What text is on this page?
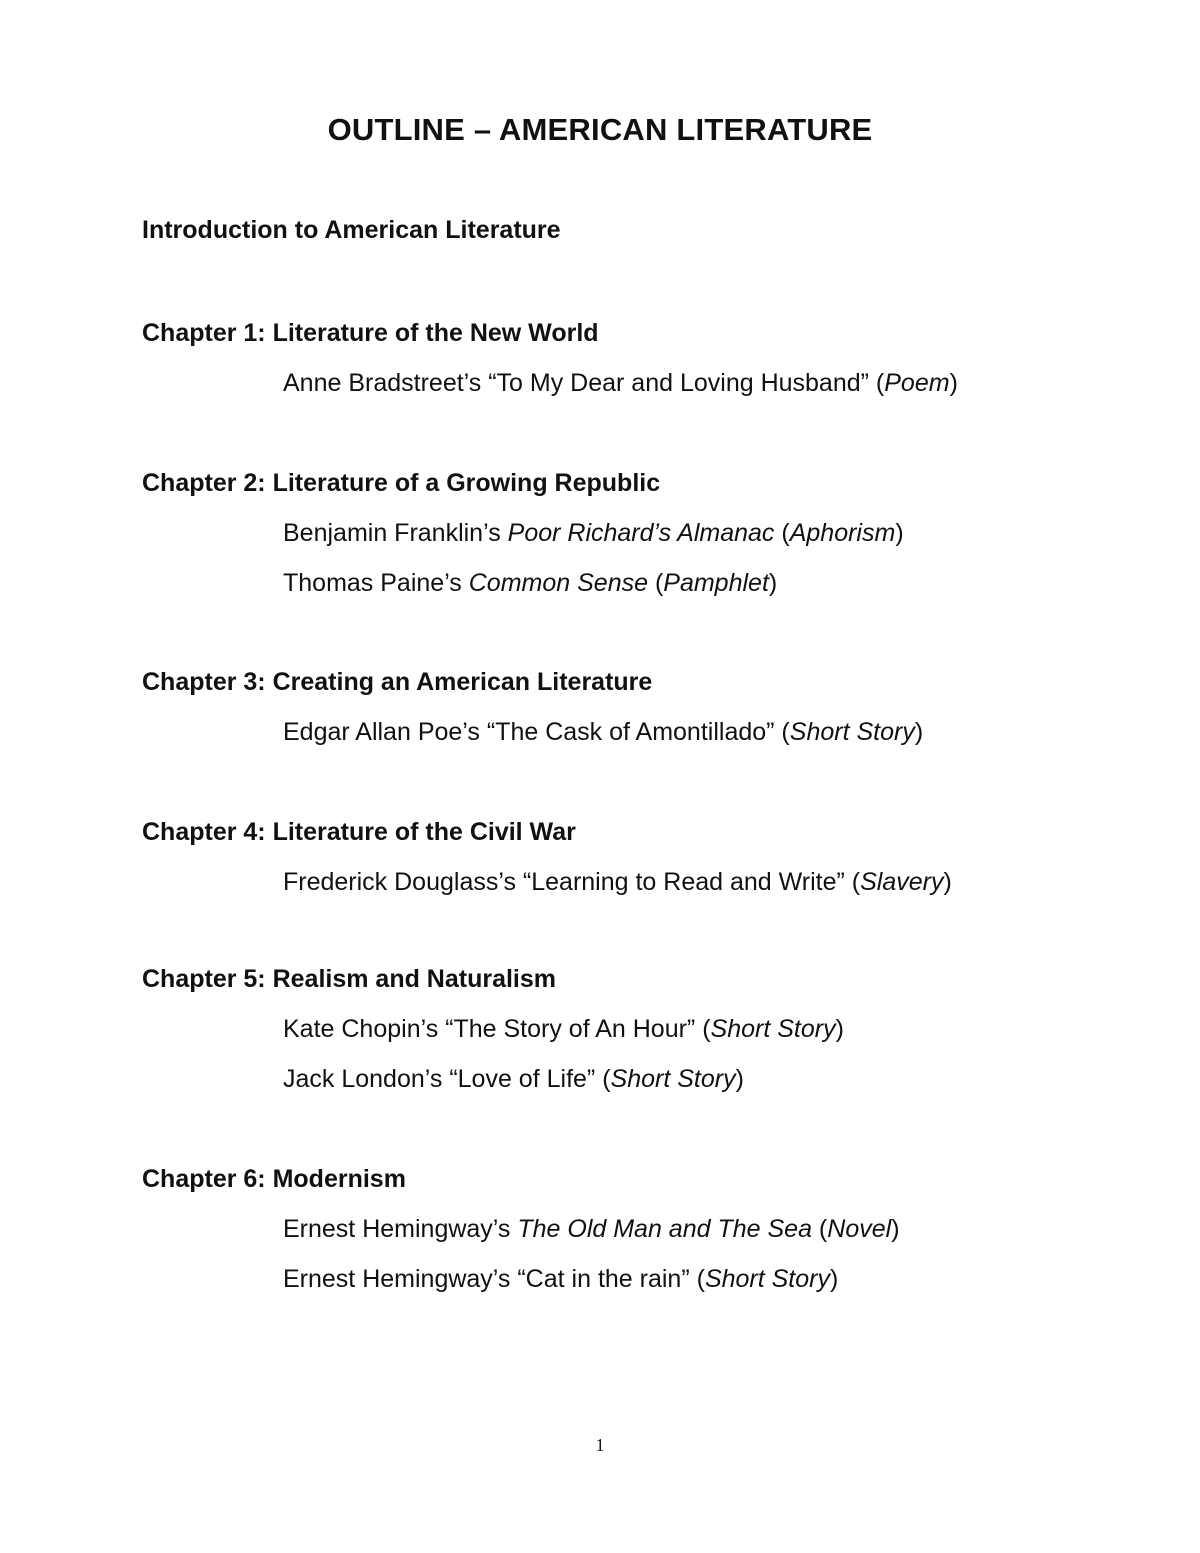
OUTLINE – AMERICAN LITERATURE
Introduction to American Literature
Chapter 1: Literature of the New World
Anne Bradstreet’s “To My Dear and Loving Husband” (Poem)
Chapter 2: Literature of a Growing Republic
Benjamin Franklin’s Poor Richard’s Almanac (Aphorism)
Thomas Paine’s Common Sense (Pamphlet)
Chapter 3: Creating an American Literature
Edgar Allan Poe’s “The Cask of Amontillado” (Short Story)
Chapter 4: Literature of the Civil War
Frederick Douglass’s “Learning to Read and Write” (Slavery)
Chapter 5: Realism and Naturalism
Kate Chopin’s “The Story of An Hour” (Short Story)
Jack London’s “Love of Life” (Short Story)
Chapter 6: Modernism
Ernest Hemingway’s The Old Man and The Sea (Novel)
Ernest Hemingway’s “Cat in the rain” (Short Story)
1
